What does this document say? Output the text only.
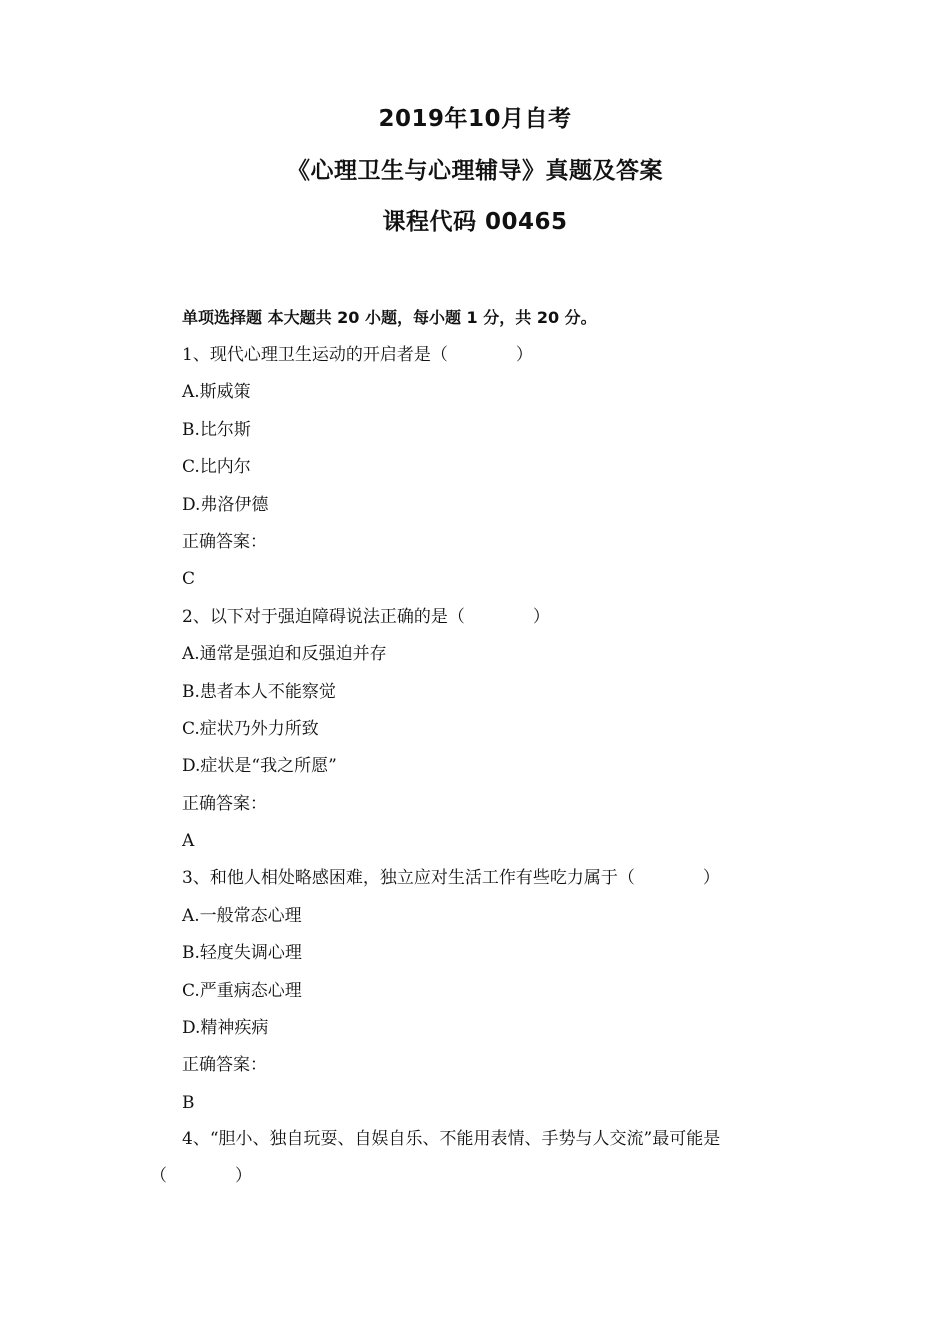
2019年10月自考
《心理卫生与心理辅导》真题及答案
课程代码 00465
单项选择题 本大题共 20 小题，每小题 1 分，共 20 分。
1、现代心理卫生运动的开启者是（　　　　）
A.斯威策
B.比尔斯
C.比内尔
D.弗洛伊德
正确答案：
C
2、以下对于强迫障碍说法正确的是（　　　　）
A.通常是强迫和反强迫并存
B.患者本人不能察觉
C.症状乃外力所致
D.症状是“我之所愿”
正确答案：
A
3、和他人相处略感困难，独立应对生活工作有些吃力属于（　　　　）
A.一般常态心理
B.轻度失调心理
C.严重病态心理
D.精神疾病
正确答案：
B
4、“胆小、独自玩耍、自娱自乐、不能用表情、手势与人交流”最可能是
（　　　　）
